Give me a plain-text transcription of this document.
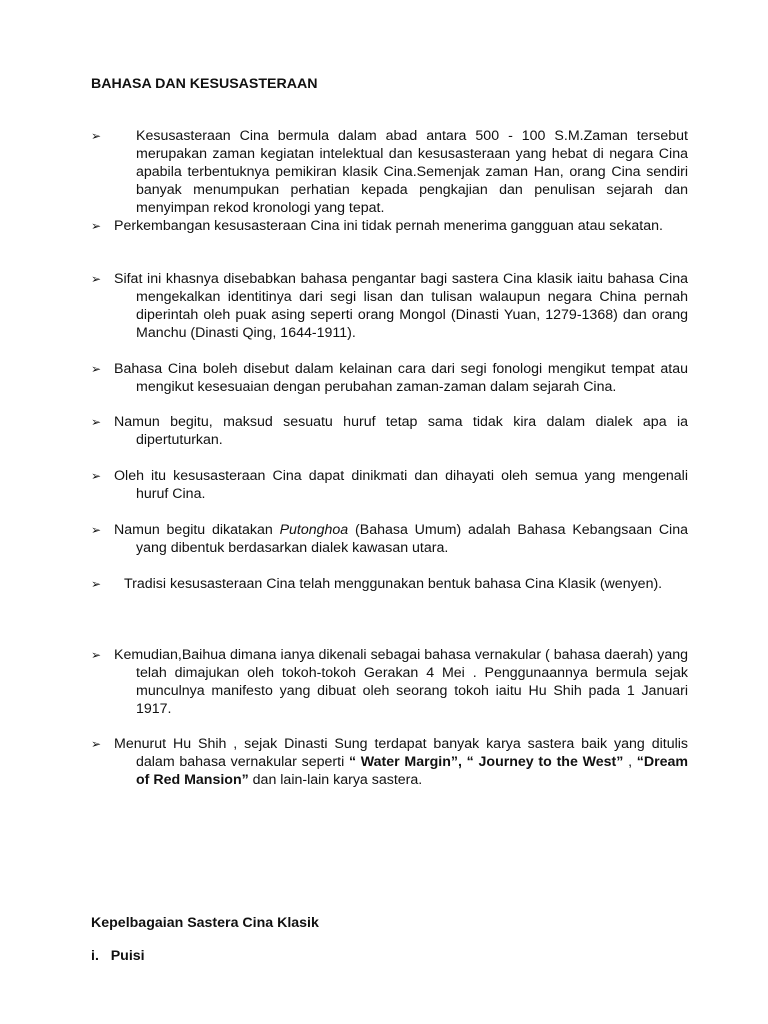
BAHASA DAN KESUSASTERAAN

➢	Kesusasteraan Cina bermula dalam abad antara 500 - 100 S.M.Zaman tersebut merupakan zaman kegiatan intelektual dan kesusasteraan yang hebat di negara Cina apabila terbentuknya pemikiran klasik Cina.Semenjak zaman Han, orang Cina sendiri banyak menumpukan perhatian kepada pengkajian dan penulisan sejarah dan menyimpan rekod kronologi yang tepat.
➢ Perkembangan kesusasteraan Cina ini tidak pernah menerima gangguan atau sekatan.
➢ Sifat ini khasnya disebabkan bahasa pengantar bagi sastera Cina klasik iaitu bahasa Cina mengekalkan identitinya dari segi lisan dan tulisan walaupun negara China pernah diperintah oleh puak asing seperti orang Mongol (Dinasti Yuan, 1279-1368) dan orang Manchu (Dinasti Qing, 1644-1911).
➢ Bahasa Cina boleh disebut dalam kelainan cara dari segi fonologi mengikut tempat atau mengikut kesesuaian dengan perubahan zaman-zaman dalam sejarah Cina.
➢ Namun begitu, maksud sesuatu huruf tetap sama tidak kira dalam dialek apa ia dipertuturkan.
➢ Oleh itu kesusasteraan Cina dapat dinikmati dan dihayati oleh semua yang mengenali huruf Cina.
➢ Namun begitu dikatakan Putonghoa (Bahasa Umum) adalah Bahasa Kebangsaan Cina yang dibentuk berdasarkan dialek kawasan utara.
➢	Tradisi kesusasteraan Cina telah menggunakan bentuk bahasa Cina Klasik (wenyen).
➢ Kemudian,Baihua dimana ianya dikenali sebagai bahasa vernakular ( bahasa daerah) yang telah dimajukan oleh tokoh-tokoh Gerakan 4 Mei . Penggunaannya bermula sejak munculnya manifesto yang dibuat oleh seorang tokoh iaitu Hu Shih pada 1 Januari 1917.
➢ Menurut Hu Shih , sejak Dinasti Sung terdapat banyak karya sastera baik yang ditulis dalam bahasa vernakular seperti “ Water Margin”, “ Journey to the West” , “Dream of Red Mansion” dan lain-lain karya sastera.

Kepelbagaian Sastera Cina Klasik

i. Puisi
